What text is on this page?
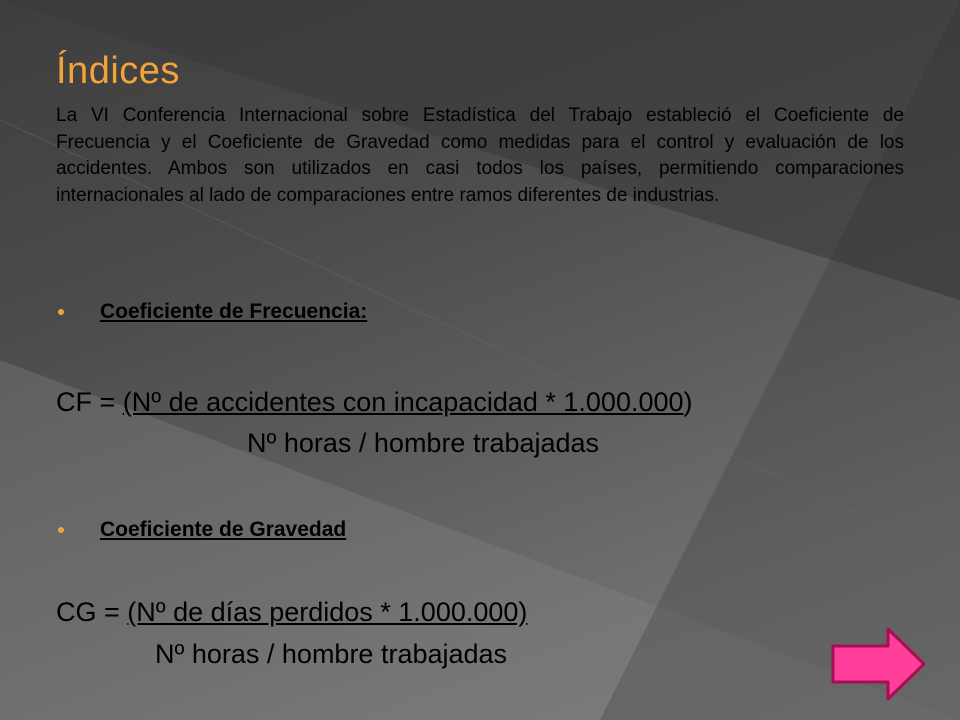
Índices

La VI Conferencia Internacional sobre Estadística del Trabajo estableció el Coeficiente de Frecuencia y el Coeficiente de Gravedad como medidas para el control y evaluación de los accidentes. Ambos son utilizados en casi todos los países, permitiendo comparaciones internacionales al lado de comparaciones entre ramos diferentes de industrias.

Coeficiente de Frecuencia:
CF = (Nº de accidentes con incapacidad * 1.000.000)
Nº horas / hombre trabajadas
Coeficiente de Gravedad
CG = (Nº de días perdidos * 1.000.000)
Nº horas / hombre trabajadas
